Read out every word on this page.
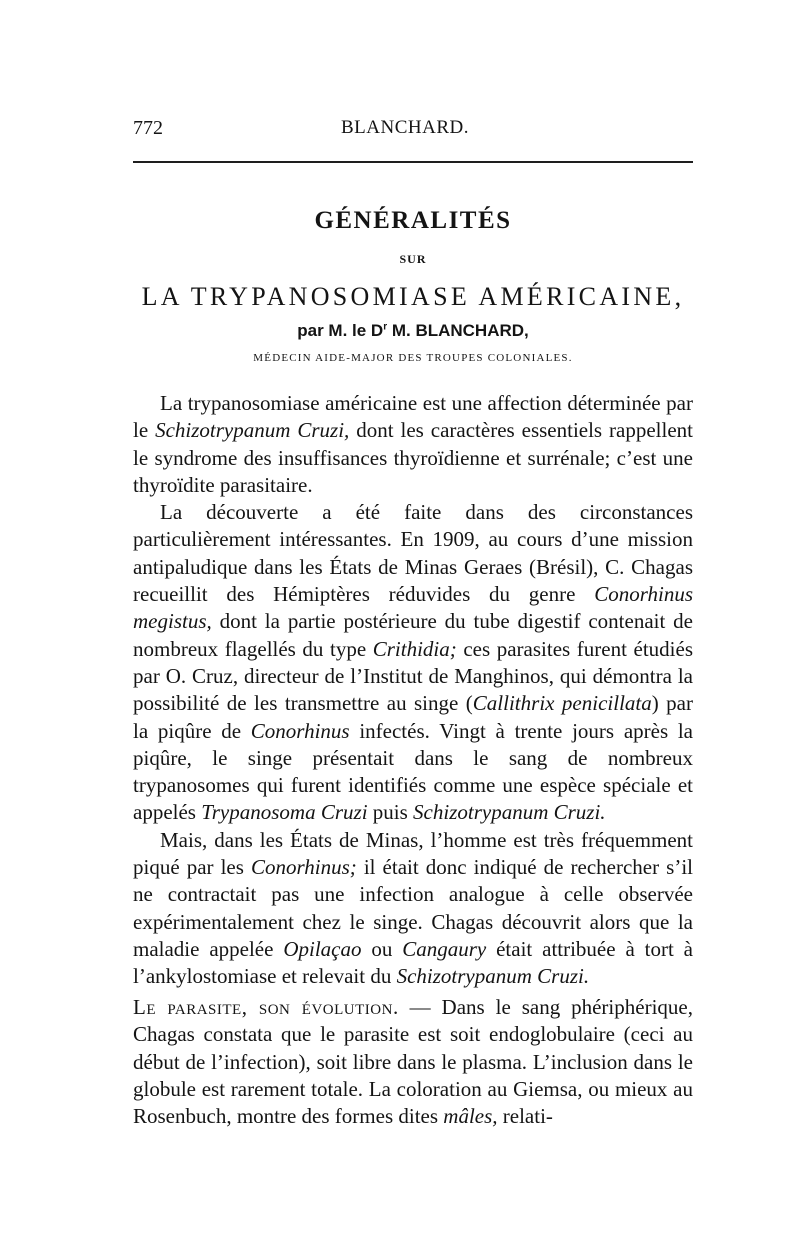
772	BLANCHARD.
GÉNÉRALITÉS
SUR
LA TRYPANOSOMIASE AMÉRICAINE,
par M. le $D^r$ M. BLANCHARD,
MÉDECIN AIDE-MAJOR DES TROUPES COLONIALES.

La trypanosomiase américaine est une affection déterminée par le Schizotrypanum Cruzi, dont les caractères essentiels rappellent le syndrome des insuffisances thyroïdienne et surrénale; c’est une thyroïdite parasitaire.

La découverte a été faite dans des circonstances particulièrement intéressantes. En 1909, au cours d’une mission antipaludique dans les États de Minas Geraes (Brésil), C. Chagas recueillit des Hémiptères réduvides du genre Conorhinus megistus, dont la partie postérieure du tube digestif contenait de nombreux flagellés du type Crithidia; ces parasites furent étudiés par O. Cruz, directeur de l’Institut de Manghinos, qui démontra la possibilité de les transmettre au singe (Callithrix penicillata) par la piqûre de Conorhinus infectés. Vingt à trente jours après la piqûre, le singe présentait dans le sang de nombreux trypanosomes qui furent identifiés comme une espèce spéciale et appelés Trypanosoma Cruzi puis Schizotrypanum Cruzi.

Mais, dans les États de Minas, l’homme est très fréquemment piqué par les Conorhinus; il était donc indiqué de rechercher s’il ne contractait pas une infection analogue à celle observée expérimentalement chez le singe. Chagas découvrit alors que la maladie appelée Opilaçao ou Cangaury était attribuée à tort à l’ankylostomiase et relevait du Schizotrypanum Cruzi.

Le parasite, son évolution. — Dans le sang phériphérique, Chagas constata que le parasite est soit endoglobulaire (ceci au début de l’infection), soit libre dans le plasma. L’inclusion dans le globule est rarement totale. La coloration au Giemsa, ou mieux au Rosenbuch, montre des formes dites mâles, relati-
